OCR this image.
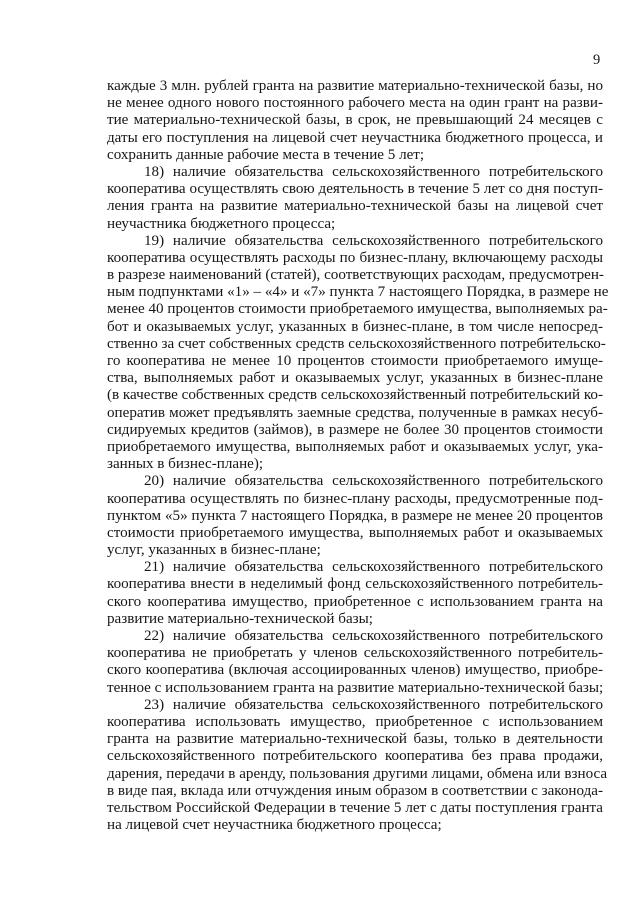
9
каждые 3 млн. рублей гранта на развитие материально-технической базы, но
не менее одного нового постоянного рабочего места на один грант на разви-
тие материально-технической базы, в срок, не превышающий 24 месяцев с
даты его поступления на лицевой счет неучастника бюджетного процесса, и
сохранить данные рабочие места в течение 5 лет;
18) наличие обязательства сельскохозяйственного потребительского
кооператива осуществлять свою деятельность в течение 5 лет со дня поступ-
ления гранта на развитие материально-технической базы на лицевой счет
неучастника бюджетного процесса;
19) наличие обязательства сельскохозяйственного потребительского
кооператива осуществлять расходы по бизнес-плану, включающему расходы
в разрезе наименований (статей), соответствующих расходам, предусмотрен-
ным подпунктами «1» – «4» и «7» пункта 7 настоящего Порядка, в размере не
менее 40 процентов стоимости приобретаемого имущества, выполняемых ра-
бот и оказываемых услуг, указанных в бизнес-плане, в том числе непосред-
ственно за счет собственных средств сельскохозяйственного потребительско-
го кооператива не менее 10 процентов стоимости приобретаемого имуще-
ства, выполняемых работ и оказываемых услуг, указанных в бизнес-плане
(в качестве собственных средств сельскохозяйственный потребительский ко-
оператив может предъявлять заемные средства, полученные в рамках несуб-
сидируемых кредитов (займов), в размере не более 30 процентов стоимости
приобретаемого имущества, выполняемых работ и оказываемых услуг, ука-
занных в бизнес-плане);
20) наличие обязательства сельскохозяйственного потребительского
кооператива осуществлять по бизнес-плану расходы, предусмотренные под-
пунктом «5» пункта 7 настоящего Порядка, в размере не менее 20 процентов
стоимости приобретаемого имущества, выполняемых работ и оказываемых
услуг, указанных в бизнес-плане;
21) наличие обязательства сельскохозяйственного потребительского
кооператива внести в неделимый фонд сельскохозяйственного потребитель-
ского кооператива имущество, приобретенное с использованием гранта на
развитие материально-технической базы;
22) наличие обязательства сельскохозяйственного потребительского
кооператива не приобретать у членов сельскохозяйственного потребитель-
ского кооператива (включая ассоциированных членов) имущество, приобре-
тенное с использованием гранта на развитие материально-технической базы;
23) наличие обязательства сельскохозяйственного потребительского
кооператива использовать имущество, приобретенное с использованием
гранта на развитие материально-технической базы, только в деятельности
сельскохозяйственного потребительского кооператива без права продажи,
дарения, передачи в аренду, пользования другими лицами, обмена или взноса
в виде пая, вклада или отчуждения иным образом в соответствии с законода-
тельством Российской Федерации в течение 5 лет с даты поступления гранта
на лицевой счет неучастника бюджетного процесса;
